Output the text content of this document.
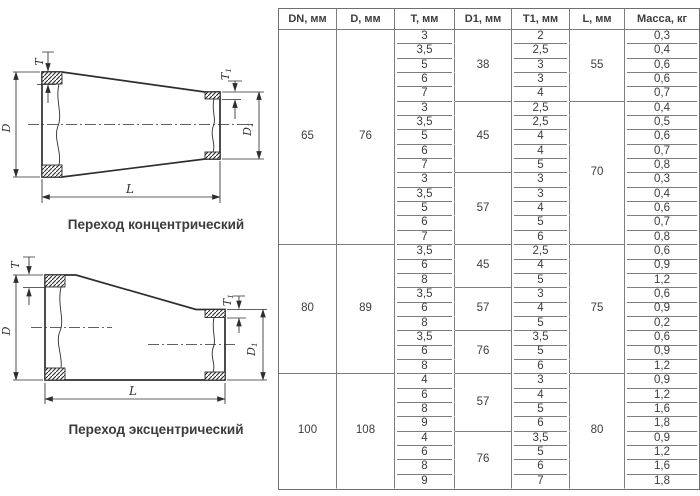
T
D
T1
D1
L
Переход концентрический
T
D
T1
D1
L
Переход эксцентрический
DN, мм	D, мм	T, мм	D1, мм	T1, мм	L, мм	Масса, кг
65	76	3	38	2	55	0,3
		3,5		2,5		0,4
		5		3		0,6
		6		3		0,6
		7		4		0,7
		3	45	2,5	70	0,4
		3,5		2,5		0,5
		5		4		0,6
		6		4		0,7
		7		5		0,8
		3	57	3		0,3
		3,5		3		0,4
		5		4		0,6
		6		5		0,7
		7		6		0,8
80	89	3,5	45	2,5	75	0,6
		6		4		0,9
		8		5		1,2
		3,5	57	3		0,6
		6		4		0,9
		8		5		0,2
		3,5	76	3,5		0,6
		6		5		0,9
		8		6		1,2
100	108	4	57	3	80	0,9
		6		4		1,2
		8		5		1,6
		9		6		1,8
		4	76	3,5		0,9
		6		5		1,2
		8		6		1,6
		9		7		1,8
